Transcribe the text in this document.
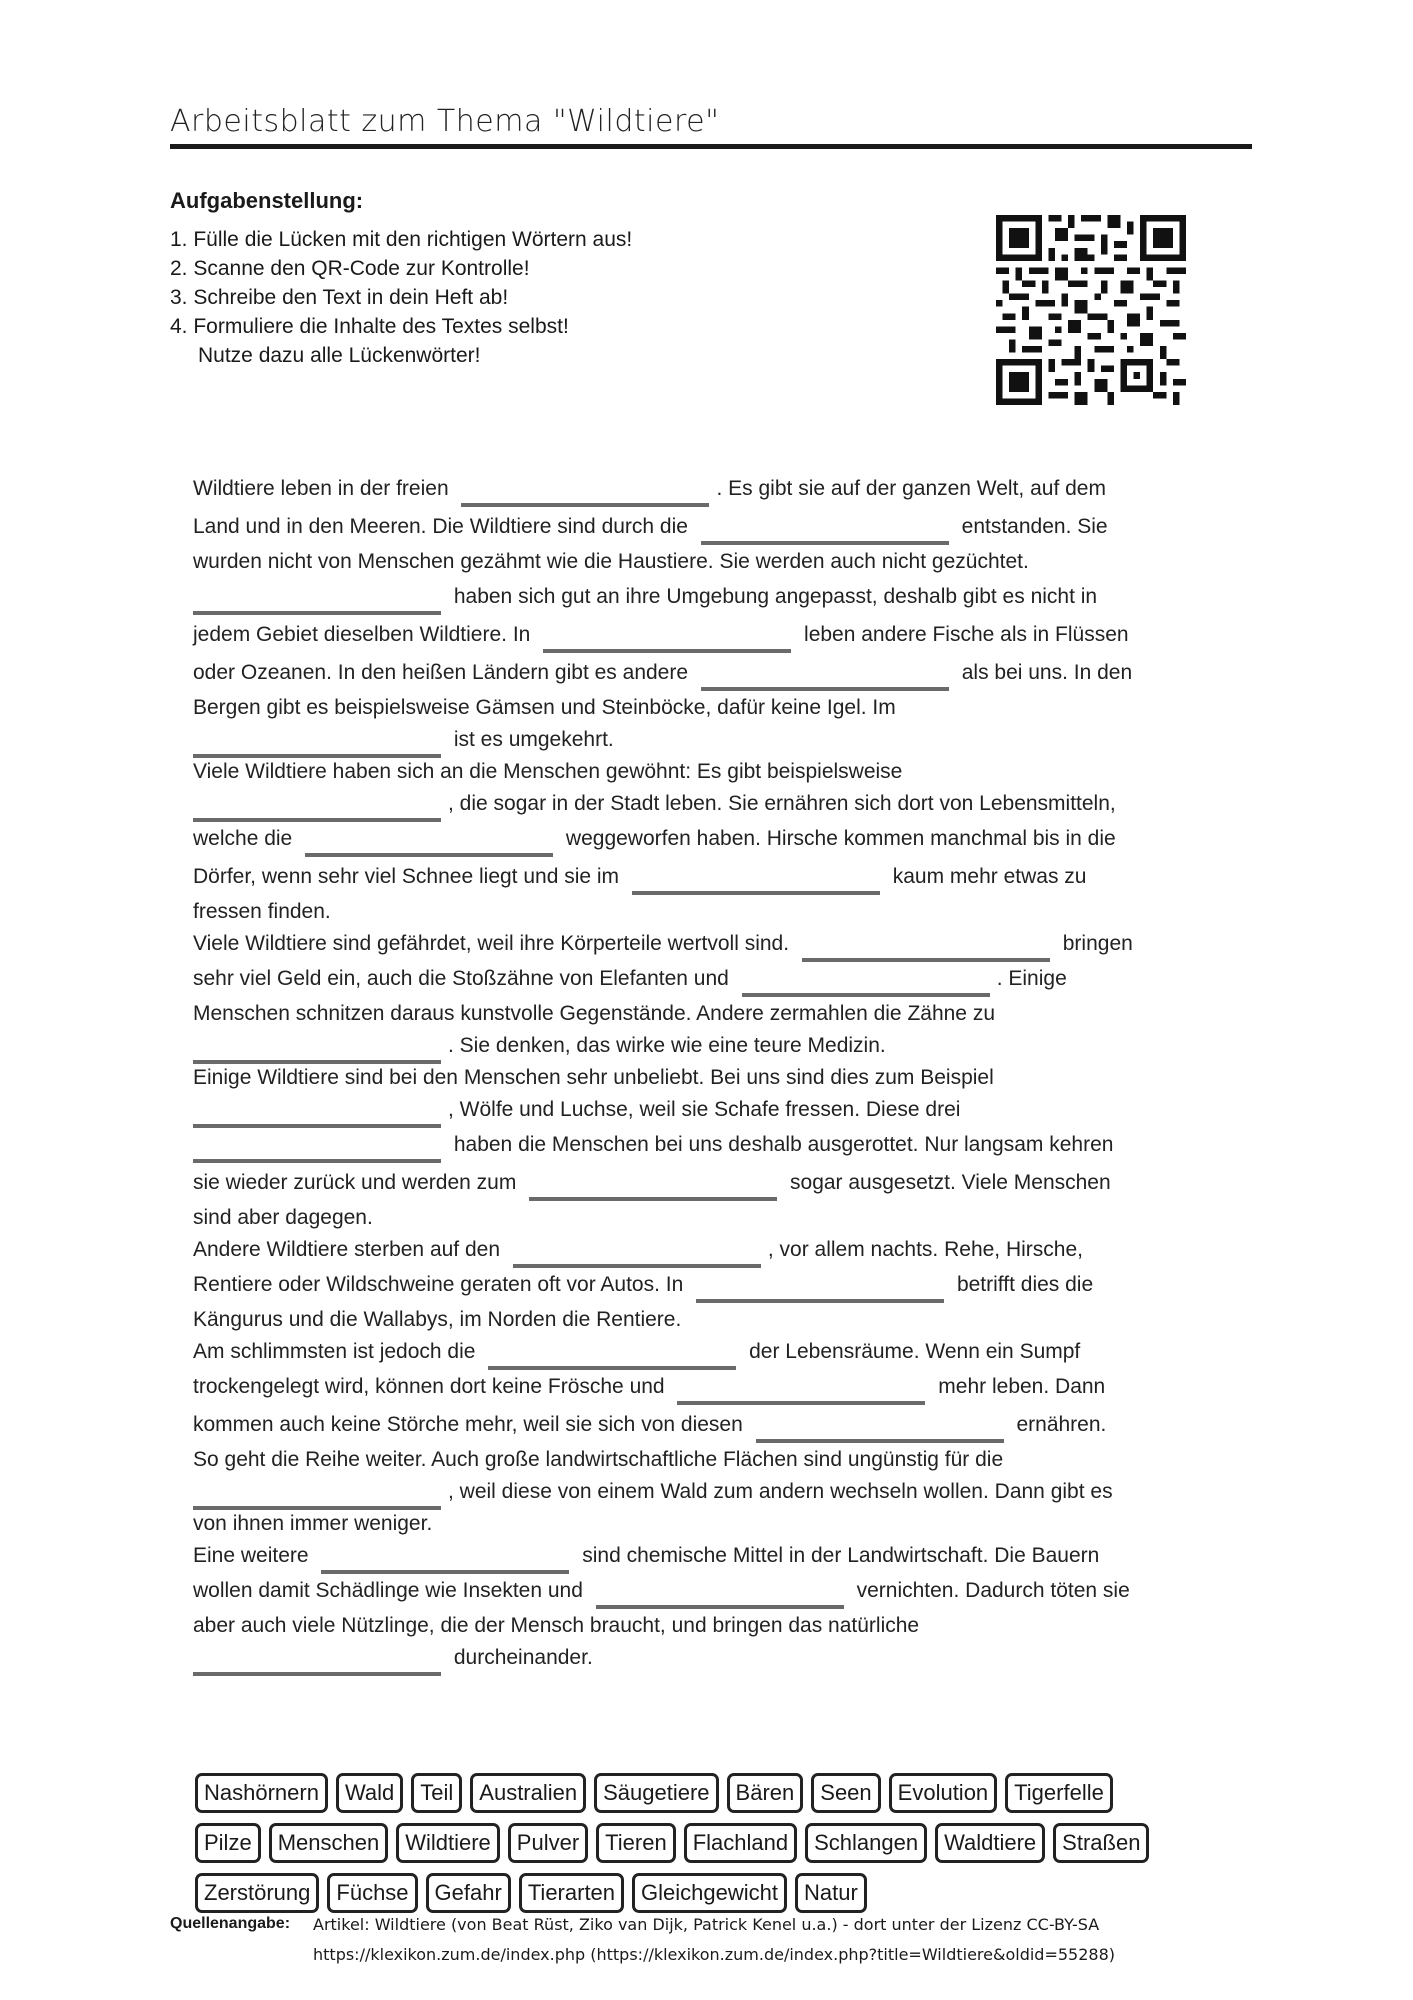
Arbeitsblatt zum Thema "Wildtiere"
Aufgabenstellung:
1. Fülle die Lücken mit den richtigen Wörtern aus!
2. Scanne den QR-Code zur Kontrolle!
3. Schreibe den Text in dein Heft ab!
4. Formuliere die Inhalte des Textes selbst!
Nutze dazu alle Lückenwörter!
Wildtiere leben in der freien	. Es gibt sie auf der ganzen Welt, auf dem
Land und in den Meeren. Die Wildtiere sind durch die	entstanden. Sie
wurden nicht von Menschen gezähmt wie die Haustiere. Sie werden auch nicht gezüchtet.
haben sich gut an ihre Umgebung angepasst, deshalb gibt es nicht in
jedem Gebiet dieselben Wildtiere. In	leben andere Fische als in Flüssen
oder Ozeanen. In den heißen Ländern gibt es andere	als bei uns. In den
Bergen gibt es beispielsweise Gämsen und Steinböcke, dafür keine Igel. Im
ist es umgekehrt.
Viele Wildtiere haben sich an die Menschen gewöhnt: Es gibt beispielsweise
, die sogar in der Stadt leben. Sie ernähren sich dort von Lebensmitteln,
welche die	weggeworfen haben. Hirsche kommen manchmal bis in die
Dörfer, wenn sehr viel Schnee liegt und sie im	kaum mehr etwas zu
fressen finden.
Viele Wildtiere sind gefährdet, weil ihre Körperteile wertvoll sind.	bringen
sehr viel Geld ein, auch die Stoßzähne von Elefanten und	. Einige
Menschen schnitzen daraus kunstvolle Gegenstände. Andere zermahlen die Zähne zu
. Sie denken, das wirke wie eine teure Medizin.
Einige Wildtiere sind bei den Menschen sehr unbeliebt. Bei uns sind dies zum Beispiel
, Wölfe und Luchse, weil sie Schafe fressen. Diese drei
haben die Menschen bei uns deshalb ausgerottet. Nur langsam kehren
sie wieder zurück und werden zum	sogar ausgesetzt. Viele Menschen
sind aber dagegen.
Andere Wildtiere sterben auf den	, vor allem nachts. Rehe, Hirsche,
Rentiere oder Wildschweine geraten oft vor Autos. In	betrifft dies die
Kängurus und die Wallabys, im Norden die Rentiere.
Am schlimmsten ist jedoch die	der Lebensräume. Wenn ein Sumpf
trockengelegt wird, können dort keine Frösche und	mehr leben. Dann
kommen auch keine Störche mehr, weil sie sich von diesen	ernähren.
So geht die Reihe weiter. Auch große landwirtschaftliche Flächen sind ungünstig für die
, weil diese von einem Wald zum andern wechseln wollen. Dann gibt es
von ihnen immer weniger.
Eine weitere	sind chemische Mittel in der Landwirtschaft. Die Bauern
wollen damit Schädlinge wie Insekten und	vernichten. Dadurch töten sie
aber auch viele Nützlinge, die der Mensch braucht, und bringen das natürliche
durcheinander.
Nashörnern	Wald	Teil	Australien	Säugetiere	Bären	Seen	Evolution	Tigerfelle
Pilze	Menschen	Wildtiere	Pulver	Tieren	Flachland	Schlangen	Waldtiere	Straßen
Zerstörung	Füchse	Gefahr	Tierarten	Gleichgewicht	Natur
Quellenangabe: Artikel: Wildtiere (von Beat Rüst, Ziko van Dijk, Patrick Kenel u.a.) - dort unter der Lizenz CC-BY-SA
https://klexikon.zum.de/index.php (https://klexikon.zum.de/index.php?title=Wildtiere&oldid=55288)
